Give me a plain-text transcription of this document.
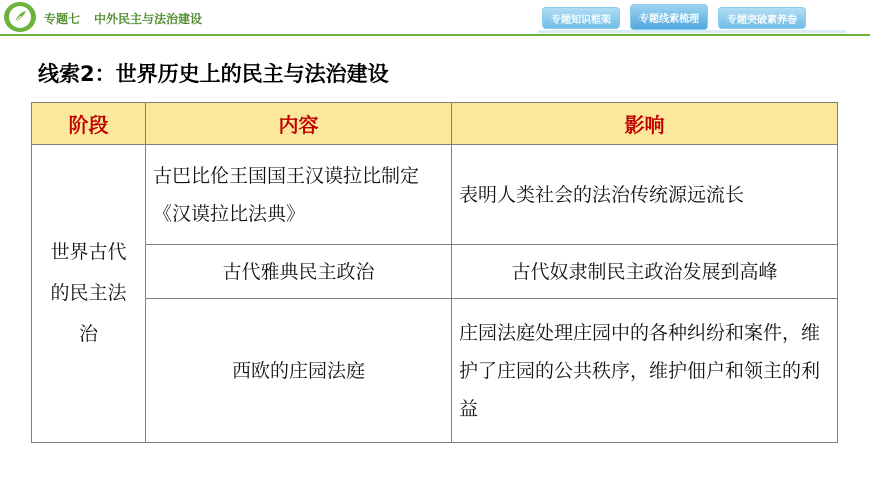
专题七 中外民主与法治建设	专题知识框架	专题线索梳理	专题突破素养卷
线索2：世界历史上的民主与法治建设
阶段	内容	影响
世界古代的民主法治	古巴比伦王国国王汉谟拉比制定《汉谟拉比法典》	表明人类社会的法治传统源远流长
	古代雅典民主政治	古代奴隶制民主政治发展到高峰
	西欧的庄园法庭	庄园法庭处理庄园中的各种纠纷和案件，维护了庄园的公共秩序，维护佃户和领主的利益
